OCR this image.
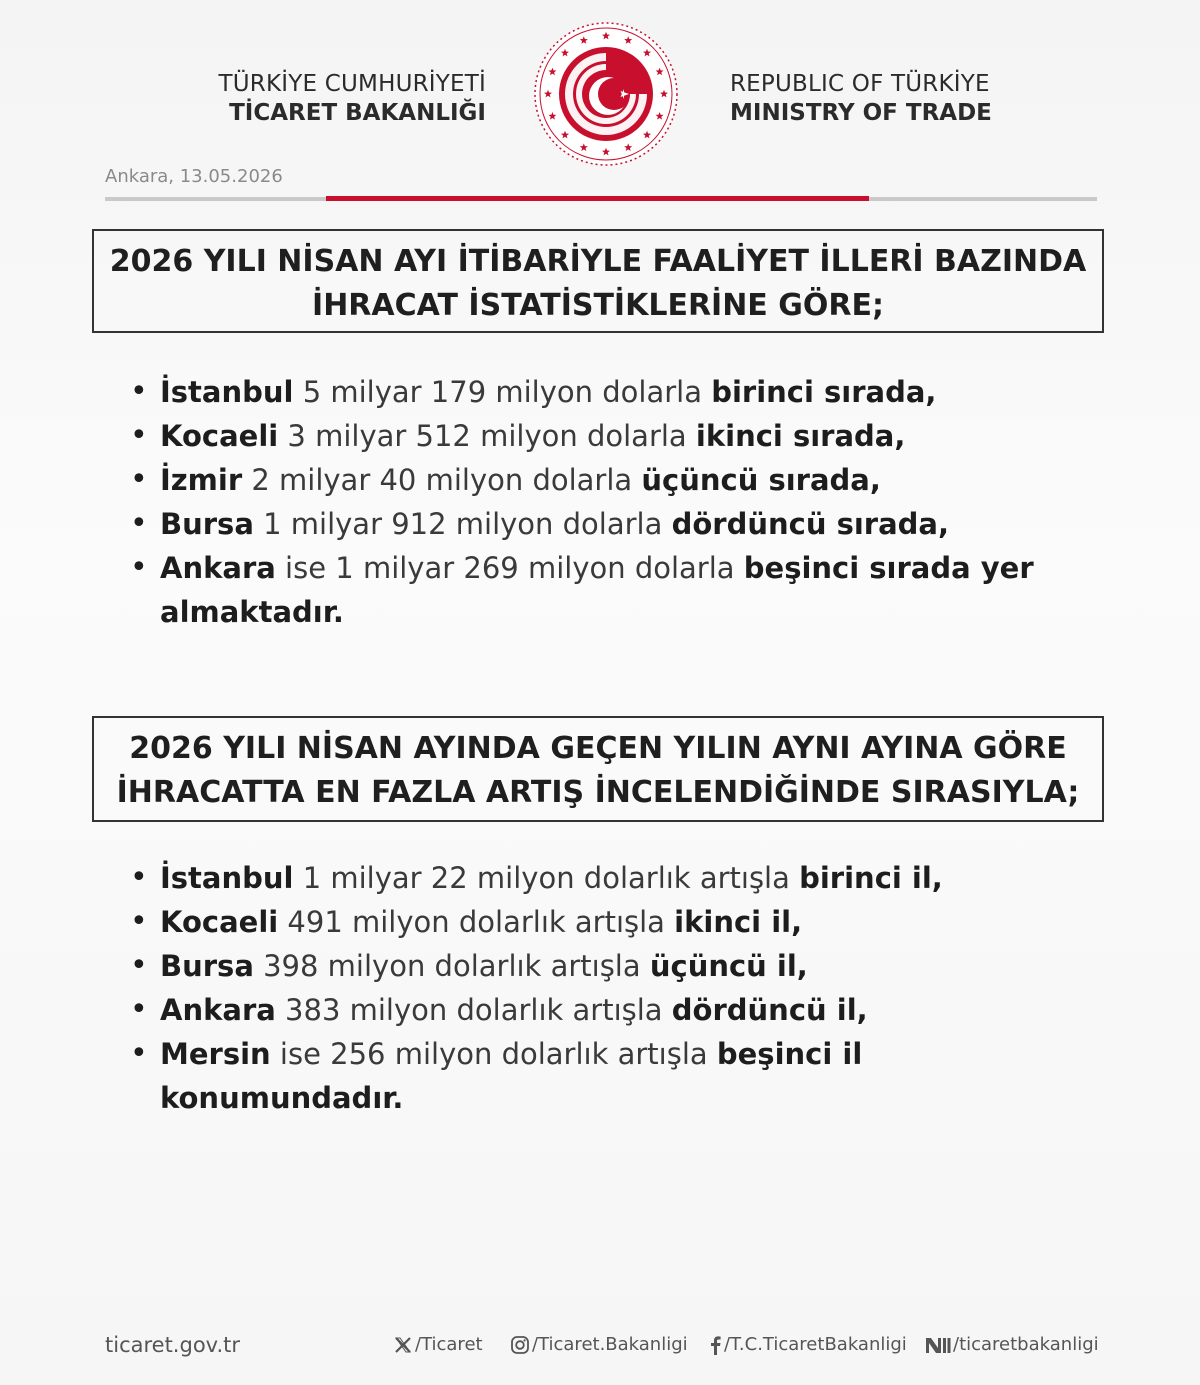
TÜRKİYE CUMHURİYETİ
TİCARET BAKANLIĞI
REPUBLIC OF TÜRKİYE
MINISTRY OF TRADE
Ankara, 13.05.2026
2026 YILI NİSAN AYI İTİBARİYLE FAALİYET İLLERİ BAZINDA
İHRACAT İSTATİSTİKLERİNE GÖRE;
• İstanbul 5 milyar 179 milyon dolarla birinci sırada,
• Kocaeli 3 milyar 512 milyon dolarla ikinci sırada,
• İzmir 2 milyar 40 milyon dolarla üçüncü sırada,
• Bursa 1 milyar 912 milyon dolarla dördüncü sırada,
• Ankara ise 1 milyar 269 milyon dolarla beşinci sırada yer almaktadır.
2026 YILI NİSAN AYINDA GEÇEN YILIN AYNI AYINA GÖRE
İHRACATTA EN FAZLA ARTIŞ İNCELENDİĞİNDE SIRASIYLA;
• İstanbul 1 milyar 22 milyon dolarlık artışla birinci il,
• Kocaeli 491 milyon dolarlık artışla ikinci il,
• Bursa 398 milyon dolarlık artışla üçüncü il,
• Ankara 383 milyon dolarlık artışla dördüncü il,
• Mersin ise 256 milyon dolarlık artışla beşinci il konumundadır.
ticaret.gov.tr	/Ticaret	/Ticaret.Bakanligi	/T.C.TicaretBakanligi	/ticaretbakanligi
